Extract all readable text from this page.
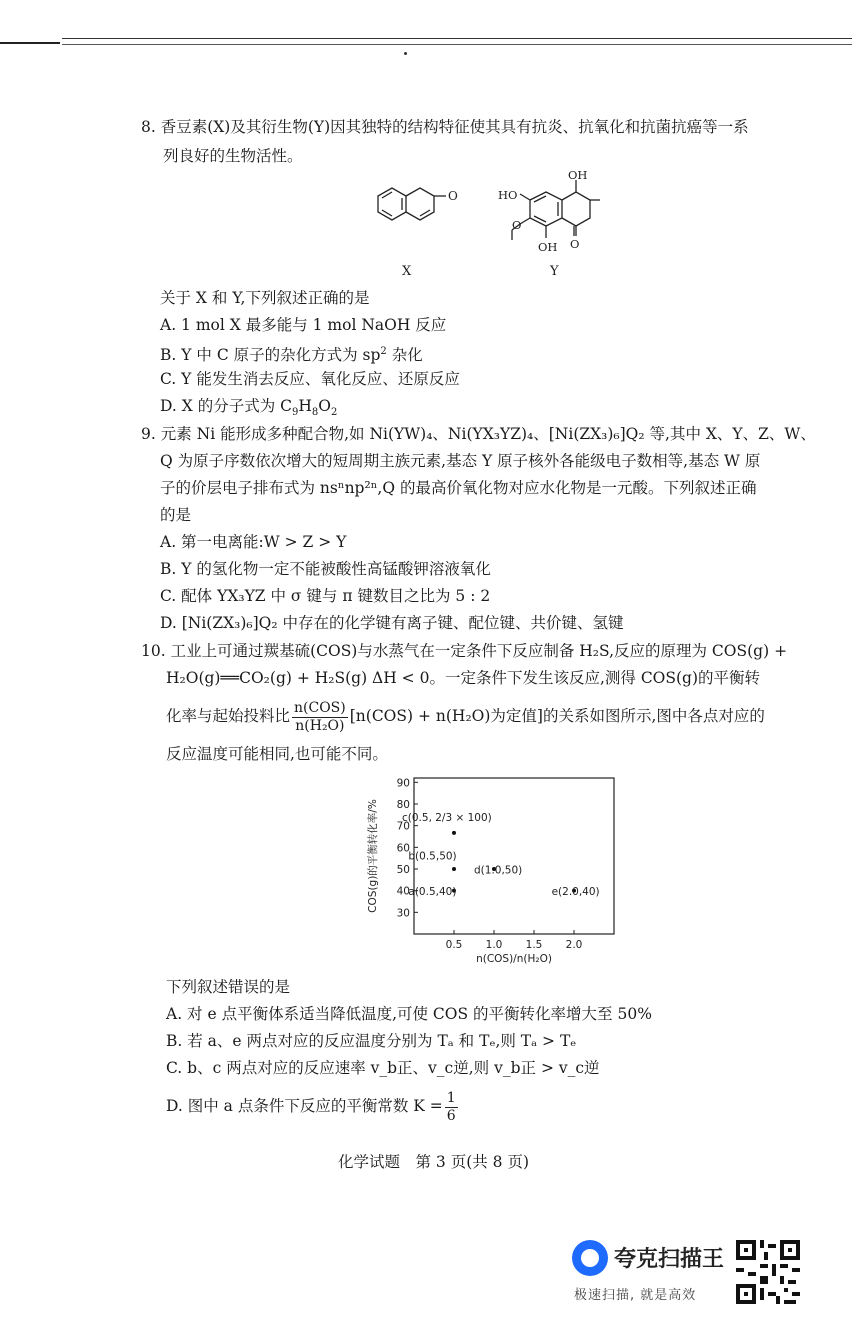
8. 香豆素(X)及其衍生物(Y)因其独特的结构特征使其具有抗炎、抗氧化和抗菌抗癌等一系
列良好的生物活性。
O
X
HO
OH
OH
O
O
Y
关于 X 和 Y,下列叙述正确的是
A. 1 mol X 最多能与 1 mol NaOH 反应
B. Y 中 C 原子的杂化方式为 $sp^2$ 杂化
C. Y 能发生消去反应、氧化反应、还原反应
D. X 的分子式为 $C_9H_8O_2$
9. 元素 Ni 能形成多种配合物,如 Ni(YW)₄、Ni(YX₃YZ)₄、[Ni(ZX₃)₆]Q₂ 等,其中 X、Y、Z、W、
Q 为原子序数依次增大的短周期主族元素,基态 Y 原子核外各能级电子数相等,基态 W 原
子的价层电子排布式为 nsⁿnp²ⁿ,Q 的最高价氧化物对应水化物是一元酸。下列叙述正确
的是
A. 第一电离能:W > Z > Y
B. Y 的氢化物一定不能被酸性高锰酸钾溶液氧化
C. 配体 YX₃YZ 中 σ 键与 π 键数目之比为 5 : 2
D. [Ni(ZX₃)₆]Q₂ 中存在的化学键有离子键、配位键、共价键、氢键
10. 工业上可通过羰基硫(COS)与水蒸气在一定条件下反应制备 H₂S,反应的原理为 COS(g) +
H₂O(g)══CO₂(g) + H₂S(g) ΔH < 0。一定条件下发生该反应,测得 COS(g)的平衡转
化率与起始投料比 $\frac{\text{n(COS)}}{\text{n(H₂O)}} [n(COS) + n(H_2O)$为定值]的关系如图所示,图中各点对应的
反应温度可能相同,也可能不同。
30
40
50
60
70
80
90
0.5 1.0 1.5 2.0
a(0.5,40)
b(0.5,50)
c(0.5, 2/3 × 100)
d(1.0,50)
e(2.0,40)
COS(g)的平衡转化率/%
n(COS)/n(H₂O)
下列叙述错误的是
A. 对 e 点平衡体系适当降低温度,可使 COS 的平衡转化率增大至 50%
B. 若 a、e 两点对应的反应温度分别为 Tₐ 和 Tₑ,则 Tₐ > Tₑ
C. b、c 两点对应的反应速率 v_b正、v_c逆,则 v_b正 > v_c逆
D. 图中 a 点条件下反应的平衡常数 $K = \frac{1}{6}$
化学试题　第 3 页(共 8 页)
夸克扫描王
极速扫描, 就是高效
